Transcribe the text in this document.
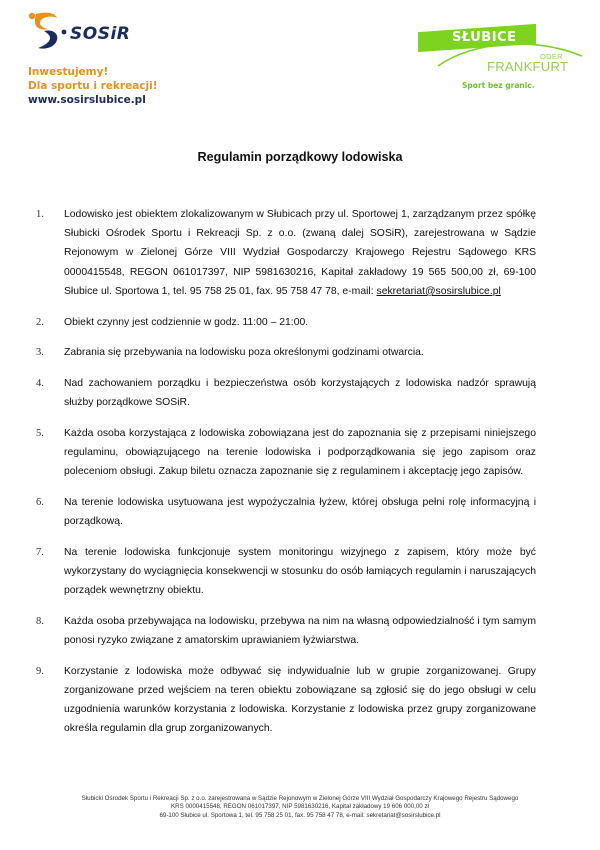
SOSiR
Inwestujemy!
Dla sportu i rekreacji!
www.sosirslubice.pl
SŁUBICE
ODER
FRANKFURT
Sport bez granic.
Regulamin porządkowy lodowiska
1. Lodowisko jest obiektem zlokalizowanym w Słubicach przy ul. Sportowej 1, zarządzanym przez spółkę Słubicki Ośrodek Sportu i Rekreacji Sp. z o.o. (zwaną dalej SOSiR), zarejestrowana w Sądzie Rejonowym w Zielonej Górze VIII Wydział Gospodarczy Krajowego Rejestru Sądowego KRS 0000415548, REGON 061017397, NIP 5981630216, Kapitał zakładowy 19 565 500,00 zł, 69-100 Słubice ul. Sportowa 1, tel. 95 758 25 01, fax. 95 758 47 78, e-mail: sekretariat@sosirslubice.pl
2. Obiekt czynny jest codziennie w godz. 11:00 – 21:00.
3. Zabrania się przebywania na lodowisku poza określonymi godzinami otwarcia.
4. Nad zachowaniem porządku i bezpieczeństwa osób korzystających z lodowiska nadzór sprawują służby porządkowe SOSiR.
5. Każda osoba korzystająca z lodowiska zobowiązana jest do zapoznania się z przepisami niniejszego regulaminu, obowiązującego na terenie lodowiska i podporządkowania się jego zapisom oraz poleceniom obsługi. Zakup biletu oznacza zapoznanie się z regulaminem i akceptację jego zapisów.
6. Na terenie lodowiska usytuowana jest wypożyczalnia łyżew, której obsługa pełni rolę informacyjną i porządkową.
7. Na terenie lodowiska funkcjonuje system monitoringu wizyjnego z zapisem, który może być wykorzystany do wyciągnięcia konsekwencji w stosunku do osób łamiących regulamin i naruszających porządek wewnętrzny obiektu.
8. Każda osoba przebywająca na lodowisku, przebywa na nim na własną odpowiedzialność i tym samym ponosi ryzyko związane z amatorskim uprawianiem łyżwiarstwa.
9. Korzystanie z lodowiska może odbywać się indywidualnie lub w grupie zorganizowanej. Grupy zorganizowane przed wejściem na teren obiektu zobowiązane są zgłosić się do jego obsługi w celu uzgodnienia warunków korzystania z lodowiska. Korzystanie z lodowiska przez grupy zorganizowane określa regulamin dla grup zorganizowanych.
Słubicki Ośrodek Sportu i Rekreacji Sp. z o.o. zarejestrowana w Sądzie Rejonowym w Zielonej Górze VIII Wydział Gospodarczy Krajowego Rejestru Sądowego
KRS 0000415548, REGON 061017397, NIP 5981630216, Kapitał zakładowy 19 606 000,00 zł
69-100 Słubice ul. Sportowa 1, tel. 95 758 25 01, fax. 95 758 47 78, e-mail: sekretariat@sosirslubice.pl
